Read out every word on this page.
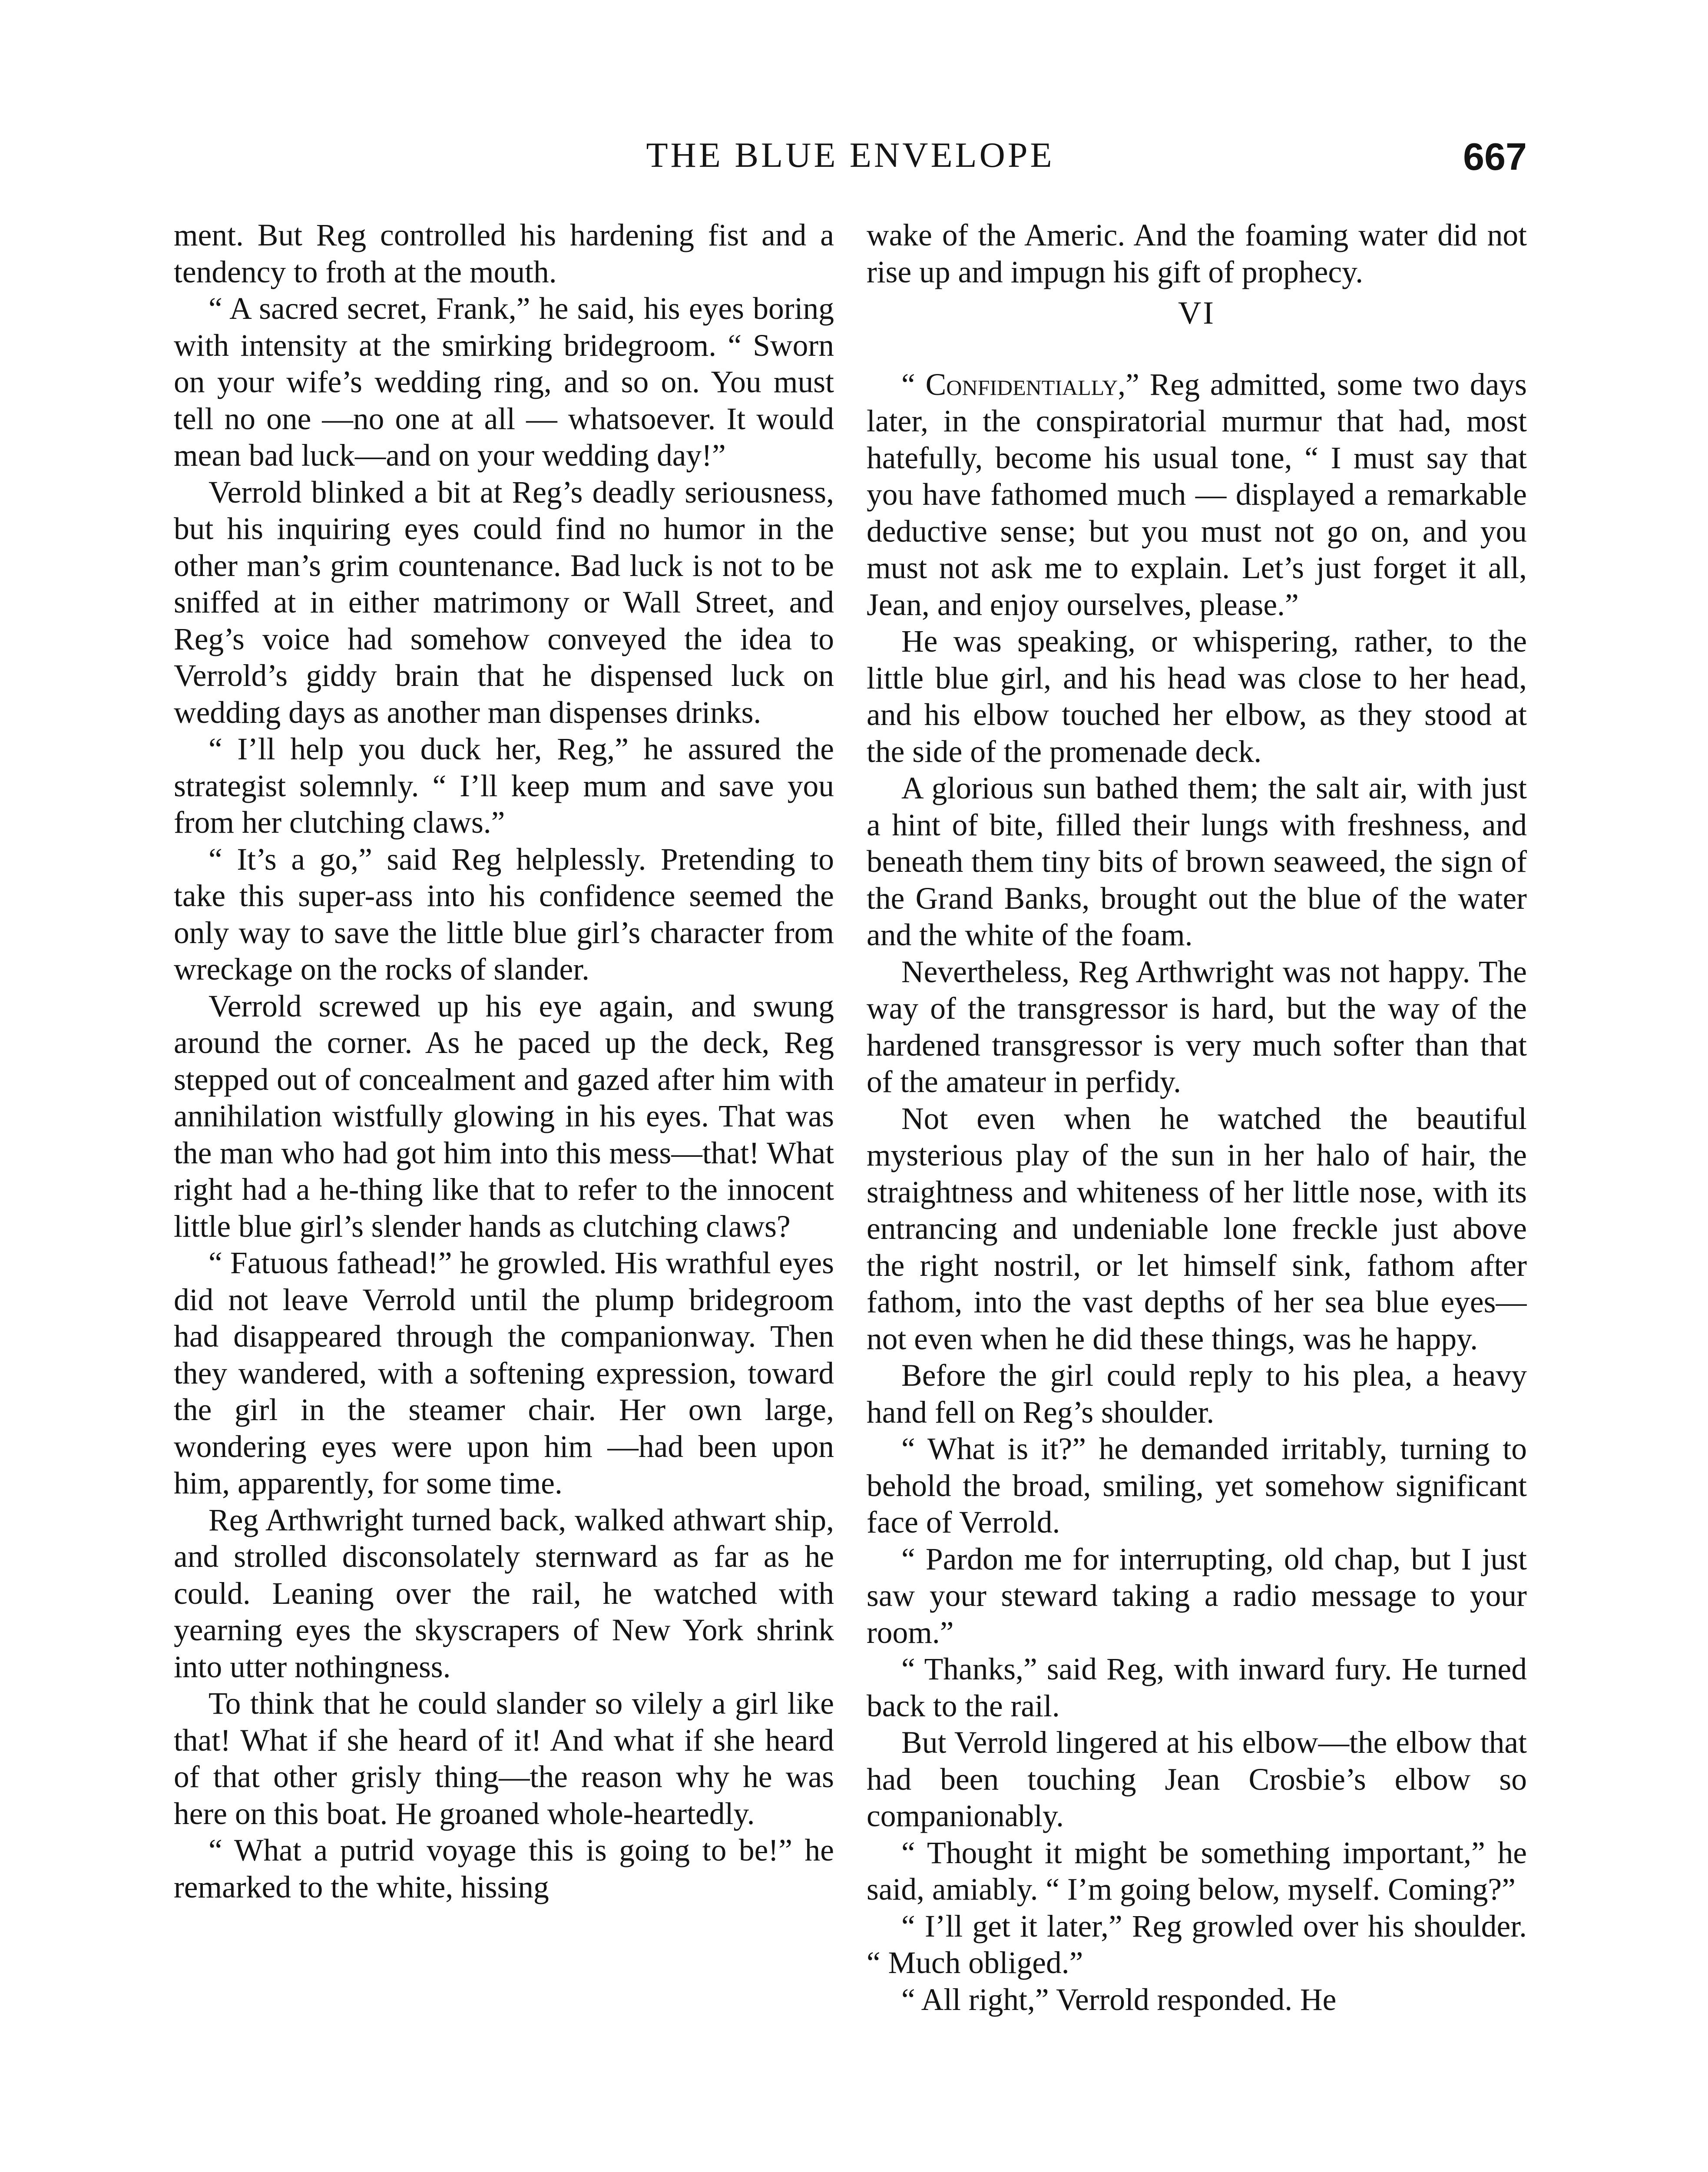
THE BLUE ENVELOPE	667

ment. But Reg controlled his hardening fist and a tendency to froth at the mouth.

“ A sacred secret, Frank,” he said, his eyes boring with intensity at the smirking bridegroom. “ Sworn on your wife’s wedding ring, and so on. You must tell no one —no one at all — whatsoever. It would mean bad luck—and on your wedding day!”

Verrold blinked a bit at Reg’s deadly seriousness, but his inquiring eyes could find no humor in the other man’s grim countenance. Bad luck is not to be sniffed at in either matrimony or Wall Street, and Reg’s voice had somehow conveyed the idea to Verrold’s giddy brain that he dispensed luck on wedding days as another man dispenses drinks.

“ I’ll help you duck her, Reg,” he assured the strategist solemnly. “ I’ll keep mum and save you from her clutching claws.”

“ It’s a go,” said Reg helplessly. Pretending to take this super-ass into his confidence seemed the only way to save the little blue girl’s character from wreckage on the rocks of slander.

Verrold screwed up his eye again, and swung around the corner. As he paced up the deck, Reg stepped out of concealment and gazed after him with annihilation wistfully glowing in his eyes. That was the man who had got him into this mess—that! What right had a he-thing like that to refer to the innocent little blue girl’s slender hands as clutching claws?

“ Fatuous fathead!” he growled. His wrathful eyes did not leave Verrold until the plump bridegroom had disappeared through the companionway. Then they wandered, with a softening expression, toward the girl in the steamer chair. Her own large, wondering eyes were upon him —had been upon him, apparently, for some time.

Reg Arthwright turned back, walked athwart ship, and strolled disconsolately sternward as far as he could. Leaning over the rail, he watched with yearning eyes the skyscrapers of New York shrink into utter nothingness.

To think that he could slander so vilely a girl like that! What if she heard of it! And what if she heard of that other grisly thing—the reason why he was here on this boat. He groaned whole-heartedly.

“ What a putrid voyage this is going to be!” he remarked to the white, hissing

wake of the Americ. And the foaming water did not rise up and impugn his gift of prophecy.

VI

“ Confidentially,” Reg admitted, some two days later, in the conspiratorial murmur that had, most hatefully, become his usual tone, “ I must say that you have fathomed much — displayed a remarkable deductive sense; but you must not go on, and you must not ask me to explain. Let’s just forget it all, Jean, and enjoy ourselves, please.”

He was speaking, or whispering, rather, to the little blue girl, and his head was close to her head, and his elbow touched her elbow, as they stood at the side of the promenade deck.

A glorious sun bathed them; the salt air, with just a hint of bite, filled their lungs with freshness, and beneath them tiny bits of brown seaweed, the sign of the Grand Banks, brought out the blue of the water and the white of the foam.

Nevertheless, Reg Arthwright was not happy. The way of the transgressor is hard, but the way of the hardened transgressor is very much softer than that of the amateur in perfidy.

Not even when he watched the beautiful mysterious play of the sun in her halo of hair, the straightness and whiteness of her little nose, with its entrancing and undeniable lone freckle just above the right nostril, or let himself sink, fathom after fathom, into the vast depths of her sea blue eyes—not even when he did these things, was he happy.

Before the girl could reply to his plea, a heavy hand fell on Reg’s shoulder.

“ What is it?” he demanded irritably, turning to behold the broad, smiling, yet somehow significant face of Verrold.

“ Pardon me for interrupting, old chap, but I just saw your steward taking a radio message to your room.”

“ Thanks,” said Reg, with inward fury. He turned back to the rail.

But Verrold lingered at his elbow—the elbow that had been touching Jean Crosbie’s elbow so companionably.

“ Thought it might be something important,” he said, amiably. “ I’m going below, myself. Coming?”

“ I’ll get it later,” Reg growled over his shoulder. “ Much obliged.”

“ All right,” Verrold responded. He
